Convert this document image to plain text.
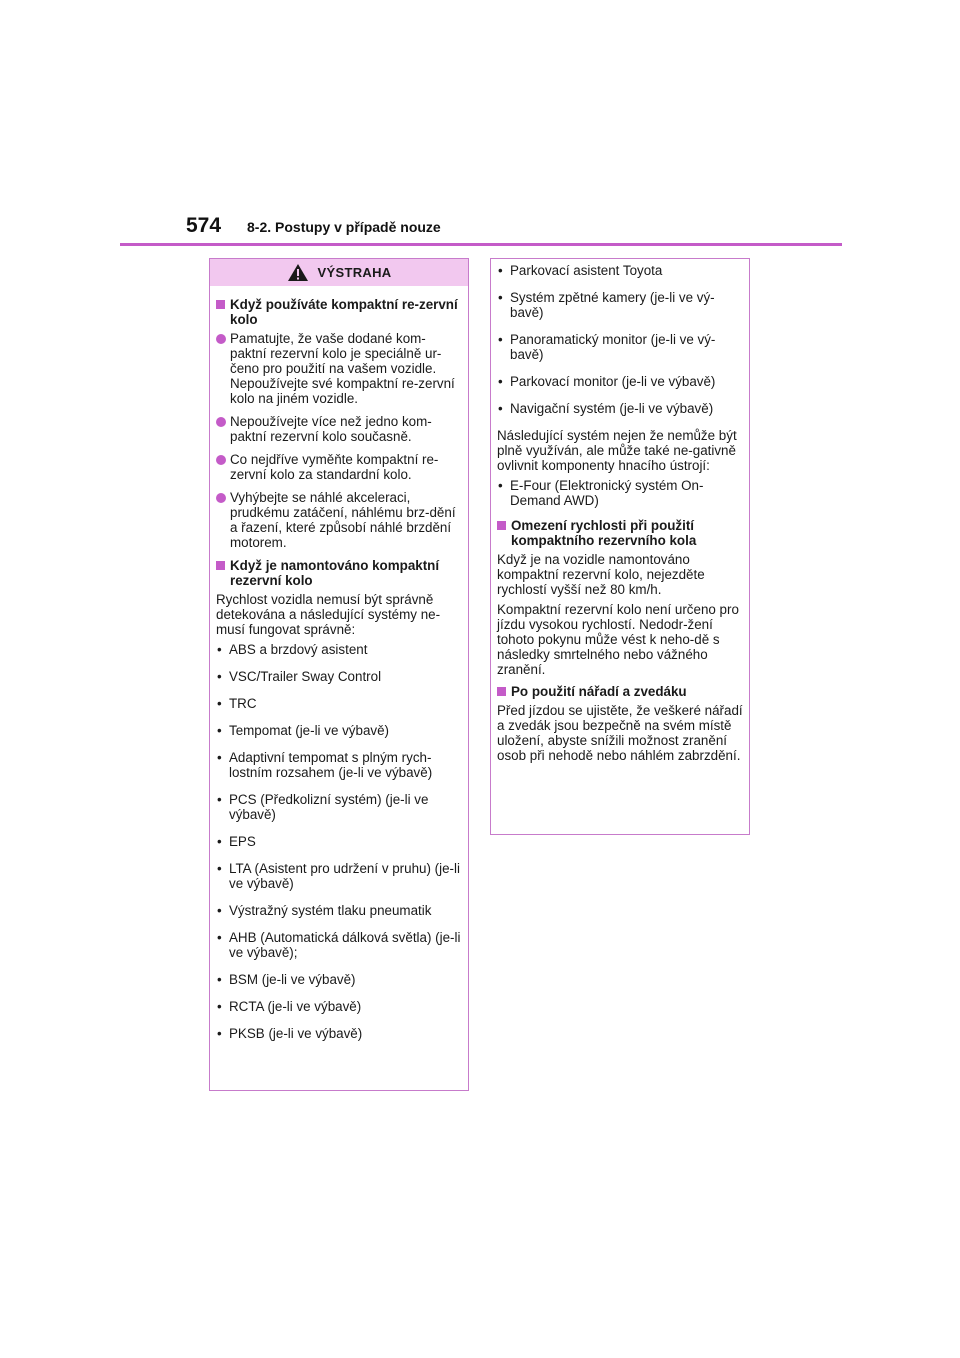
574 8-2. Postupy v případě nouze
VÝSTRAHA
Když používáte kompaktní re-zervní kolo
Pamatujte, že vaše dodané kom-paktní rezervní kolo je speciálně ur-čeno pro použití na vašem vozidle. Nepoužívejte své kompaktní re-zervní kolo na jiném vozidle.
Nepoužívejte více než jedno kom-paktní rezervní kolo současně.
Co nejdříve vyměňte kompaktní re-zervní kolo za standardní kolo.
Vyhýbejte se náhlé akceleraci, prudkému zatáčení, náhlému brz-dění a řazení, které způsobí náhlé brzdění motorem.
Když je namontováno kompaktní rezervní kolo
Rychlost vozidla nemusí být správně detekována a následující systémy ne-musí fungovat správně:
• ABS a brzdový asistent
• VSC/Trailer Sway Control
• TRC
• Tempomat (je-li ve výbavě)
• Adaptivní tempomat s plným rych-lostním rozsahem (je-li ve výbavě)
• PCS (Předkolizní systém) (je-li ve výbavě)
• EPS
• LTA (Asistent pro udržení v pruhu) (je-li ve výbavě)
• Výstražný systém tlaku pneumatik
• AHB (Automatická dálková světla) (je-li ve výbavě);
• BSM (je-li ve výbavě)
• RCTA (je-li ve výbavě)
• PKSB (je-li ve výbavě)
• Parkovací asistent Toyota
• Systém zpětné kamery (je-li ve vý-bavě)
• Panoramatický monitor (je-li ve vý-bavě)
• Parkovací monitor (je-li ve výbavě)
• Navigační systém (je-li ve výbavě)
Následující systém nejen že nemůže být plně využíván, ale může také ne-gativně ovlivnit komponenty hnacího ústrojí:
• E-Four (Elektronický systém On-Demand AWD)
Omezení rychlosti při použití kompaktního rezervního kola
Když je na vozidle namontováno kompaktní rezervní kolo, nejezděte rychlostí vyšší než 80 km/h.
Kompaktní rezervní kolo není určeno pro jízdu vysokou rychlostí. Nedodr-žení tohoto pokynu může vést k neho-dě s následky smrtelného nebo vážného zranění.
Po použití nářadí a zvedáku
Před jízdou se ujistěte, že veškeré nářadí a zvedák jsou bezpečně na svém místě uložení, abyste snížili možnost zranění osob při nehodě nebo náhlém zabrzdění.
